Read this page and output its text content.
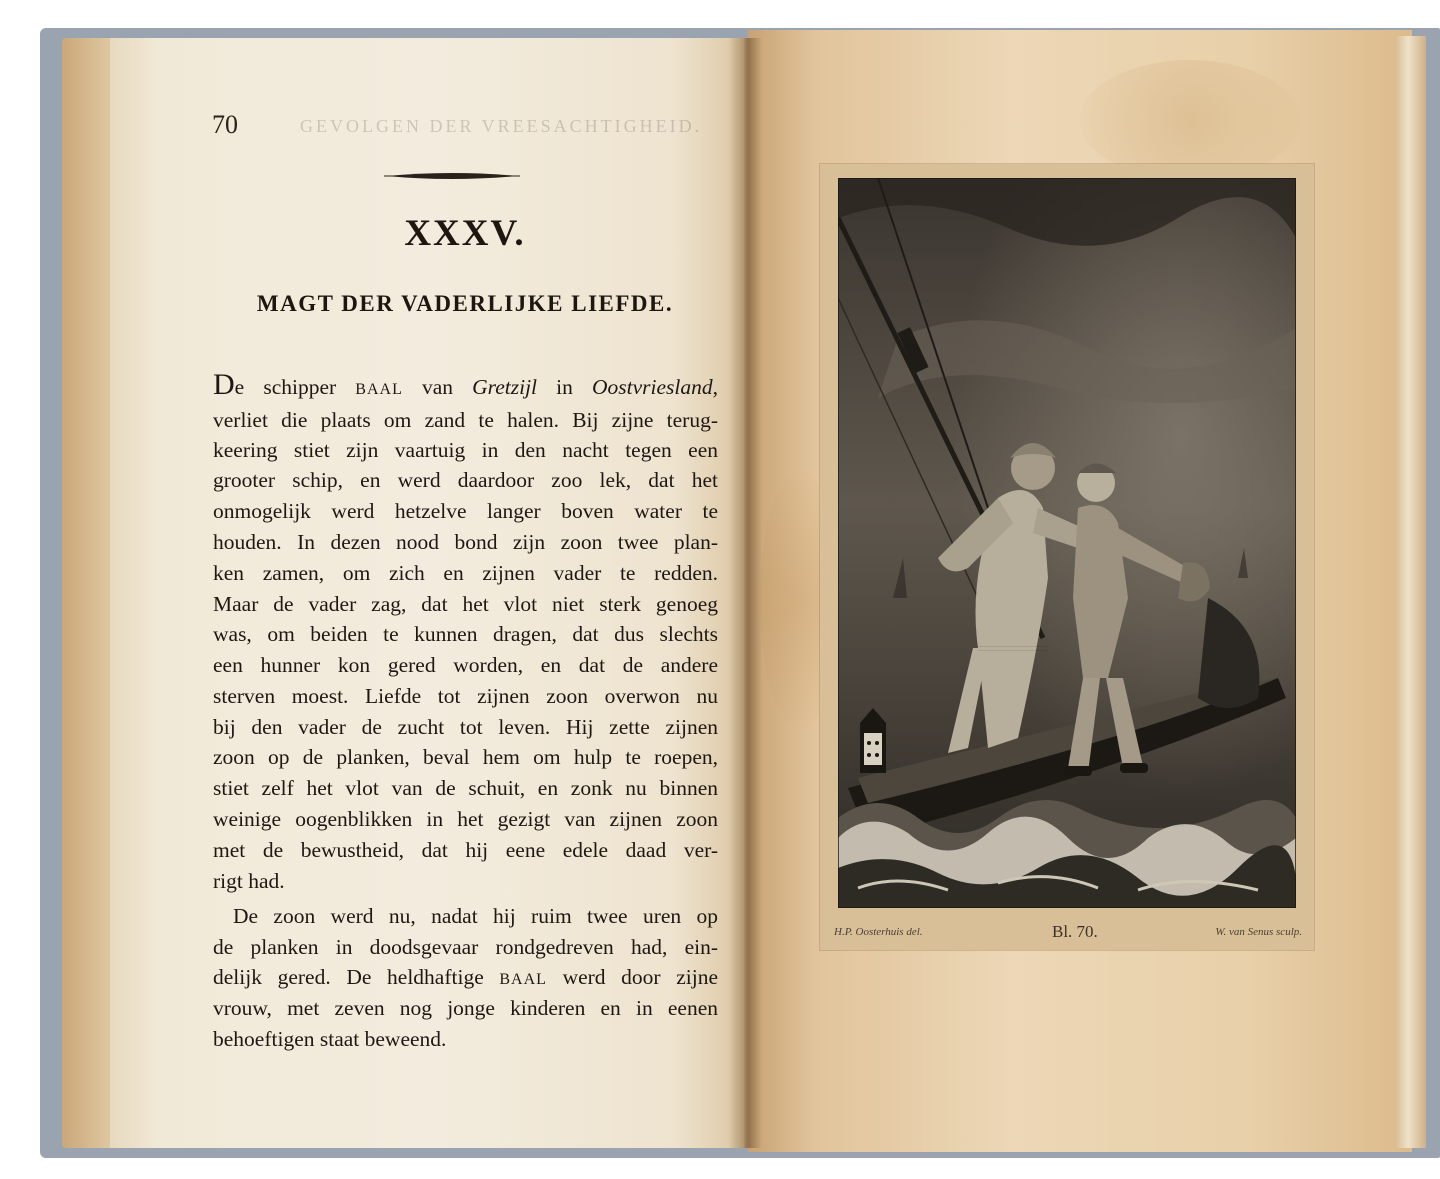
70	GEVOLGEN DER VREESACHTIGHEID.
XXXV.
MAGT DER VADERLIJKE LIEFDE.
De schipper BAAL van Gretzijl in Oostvriesland,
verliet die plaats om zand te halen. Bij zijne terug-
keering stiet zijn vaartuig in den nacht tegen een
grooter schip, en werd daardoor zoo lek, dat het
onmogelijk werd hetzelve langer boven water te
houden. In dezen nood bond zijn zoon twee plan-
ken zamen, om zich en zijnen vader te redden.
Maar de vader zag, dat het vlot niet sterk genoeg
was, om beiden te kunnen dragen, dat dus slechts
een hunner kon gered worden, en dat de andere
sterven moest. Liefde tot zijnen zoon overwon nu
bij den vader de zucht tot leven. Hij zette zijnen
zoon op de planken, beval hem om hulp te roepen,
stiet zelf het vlot van de schuit, en zonk nu binnen
weinige oogenblikken in het gezigt van zijnen zoon
met de bewustheid, dat hij eene edele daad ver-
rigt had.
De zoon werd nu, nadat hij ruim twee uren op
de planken in doodsgevaar rondgedreven had, ein-
delijk gered. De heldhaftige BAAL werd door zijne
vrouw, met zeven nog jonge kinderen en in eenen
behoeftigen staat beweend.
H.P. Oosterhuis del.	Bl. 70.	W. van Senus sculp.
